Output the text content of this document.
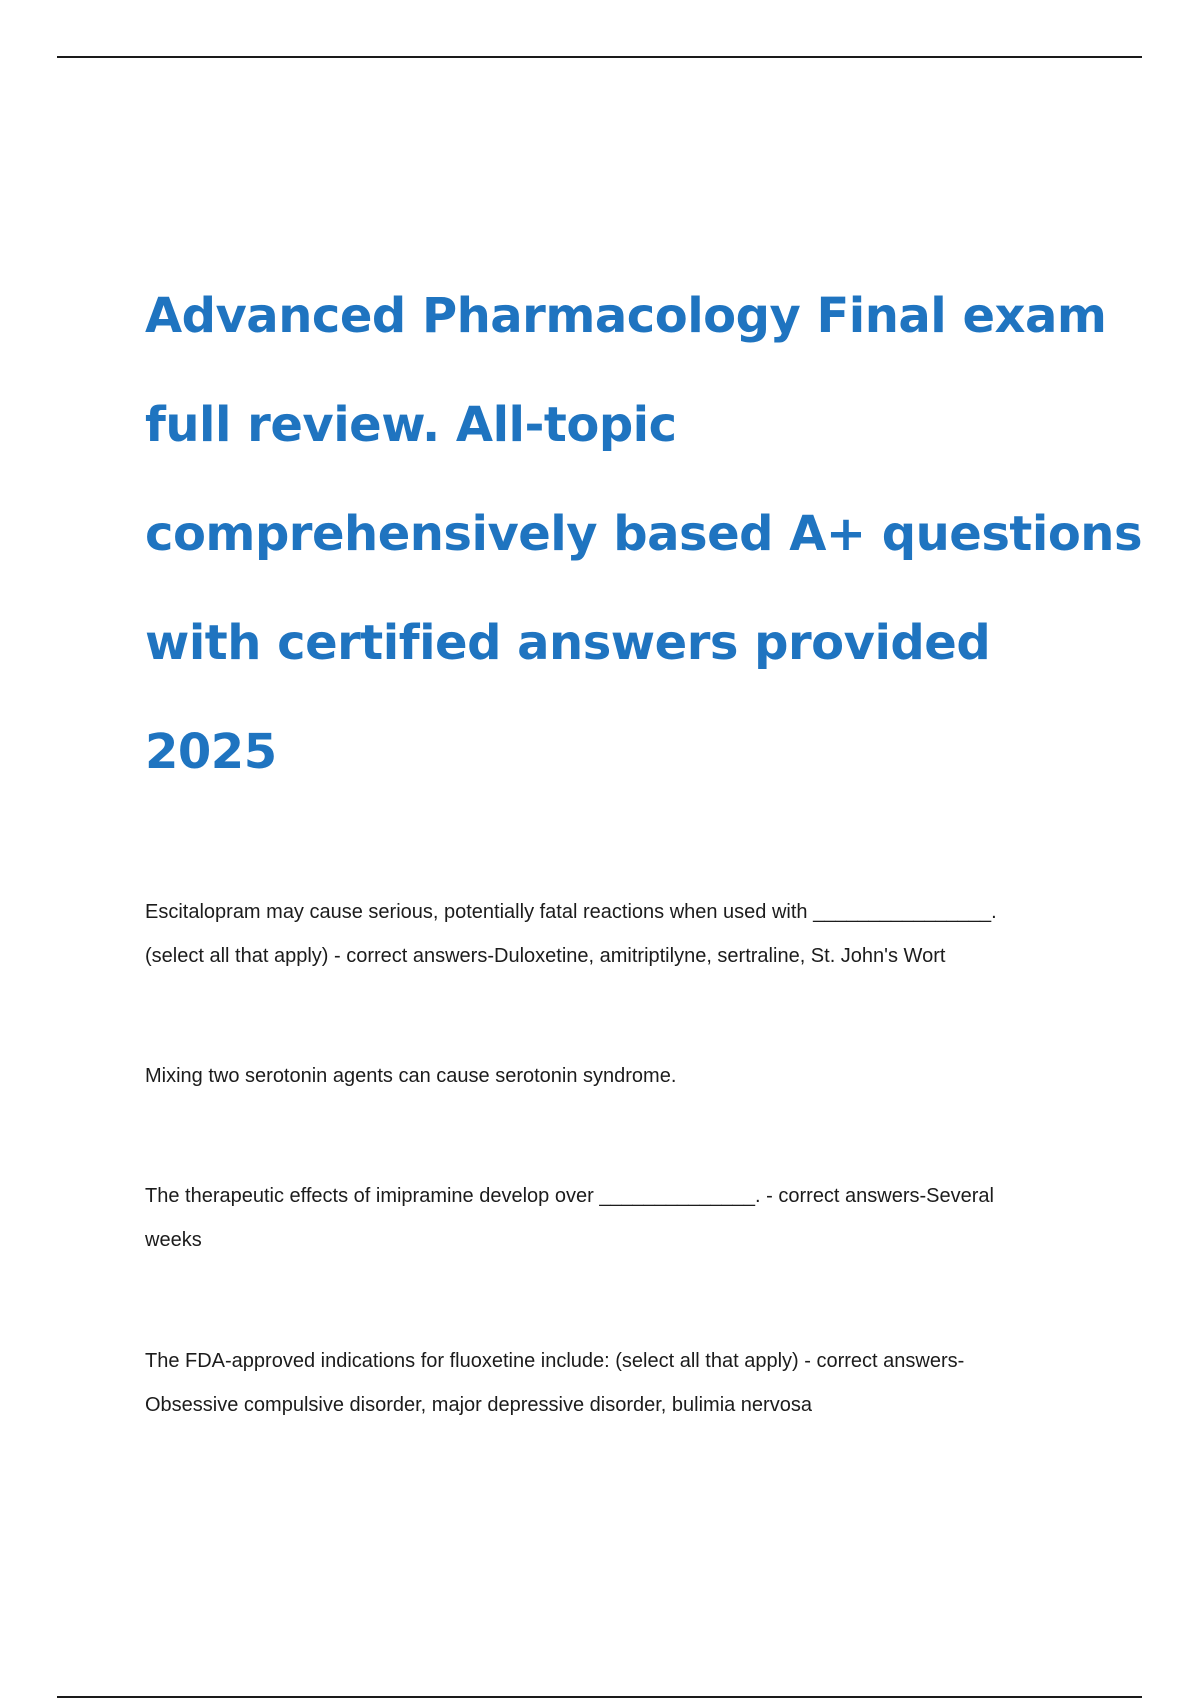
Advanced Pharmacology Final exam
full review. All-topic
comprehensively based A+ questions
with certified answers provided
2025

Escitalopram may cause serious, potentially fatal reactions when used with ________________.
(select all that apply) - correct answers-Duloxetine, amitriptilyne, sertraline, St. John's Wort

Mixing two serotonin agents can cause serotonin syndrome.

The therapeutic effects of imipramine develop over ______________. - correct answers-Several
weeks

The FDA-approved indications for fluoxetine include: (select all that apply) - correct answers-
Obsessive compulsive disorder, major depressive disorder, bulimia nervosa
